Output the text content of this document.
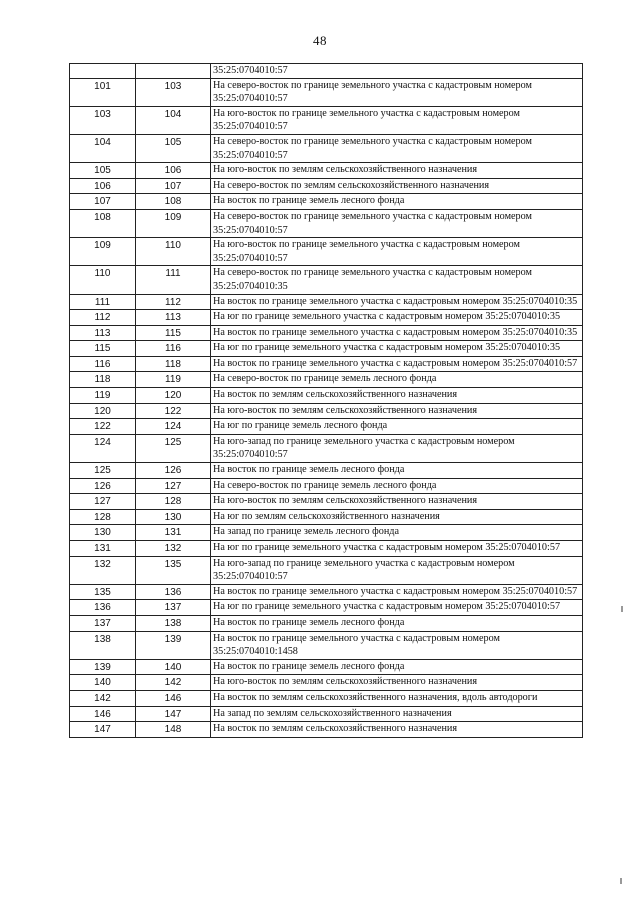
48
		35:25:0704010:57
101	103	На северо-восток по границе земельного участка с кадастровым номером 35:25:0704010:57
103	104	На юго-восток по границе земельного участка с кадастровым номером 35:25:0704010:57
104	105	На северо-восток по границе земельного участка с кадастровым номером 35:25:0704010:57
105	106	На юго-восток по землям сельскохозяйственного назначения
106	107	На северо-восток по землям сельскохозяйственного назначения
107	108	На восток по границе земель лесного фонда
108	109	На северо-восток по границе земельного участка с кадастровым номером 35:25:0704010:57
109	110	На юго-восток по границе земельного участка с кадастровым номером 35:25:0704010:57
110	111	На северо-восток по границе земельного участка с кадастровым номером 35:25:0704010:35
111	112	На восток по границе земельного участка с кадастровым номером 35:25:0704010:35
112	113	На юг по границе земельного участка с кадастровым номером 35:25:0704010:35
113	115	На восток по границе земельного участка с кадастровым номером 35:25:0704010:35
115	116	На юг по границе земельного участка с кадастровым номером 35:25:0704010:35
116	118	На восток по границе земельного участка с кадастровым номером 35:25:0704010:57
118	119	На северо-восток по границе земель лесного фонда
119	120	На восток по землям сельскохозяйственного назначения
120	122	На юго-восток по землям сельскохозяйственного назначения
122	124	На юг по границе земель лесного фонда
124	125	На юго-запад по границе земельного участка с кадастровым номером 35:25:0704010:57
125	126	На восток по границе земель лесного фонда
126	127	На северо-восток по границе земель лесного фонда
127	128	На юго-восток по землям сельскохозяйственного назначения
128	130	На юг по землям сельскохозяйственного назначения
130	131	На запад по границе земель лесного фонда
131	132	На юг по границе земельного участка с кадастровым номером 35:25:0704010:57
132	135	На юго-запад по границе земельного участка с кадастровым номером 35:25:0704010:57
135	136	На восток по границе земельного участка с кадастровым номером 35:25:0704010:57
136	137	На юг по границе земельного участка с кадастровым номером 35:25:0704010:57
137	138	На восток по границе земель лесного фонда
138	139	На восток по границе земельного участка с кадастровым номером 35:25:0704010:1458
139	140	На восток по границе земель лесного фонда
140	142	На юго-восток по землям сельскохозяйственного назначения
142	146	На восток по землям сельскохозяйственного назначения, вдоль автодороги
146	147	На запад по землям сельскохозяйственного назначения
147	148	На восток по землям сельскохозяйственного назначения
